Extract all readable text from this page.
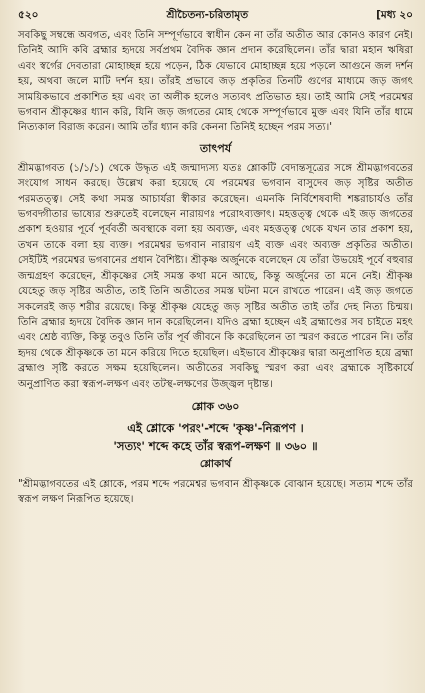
৫২০	শ্রীচৈতন্য-চরিতামৃত	[মধ্য ২০

সবকিছু সম্বন্ধে অবগত, এবং তিনি সম্পূর্ণভাবে স্বাধীন কেন না তাঁর অতীত আর কোনও কারণ নেই। তিনিই আদি কবি ব্রহ্মার হৃদয়ে সর্বপ্রথম বৈদিক জ্ঞান প্রদান করেছিলেন। তাঁর দ্বারা মহান ঋষিরা এবং স্বর্গের দেবতারা মোহাচ্ছন্ন হয়ে পড়েন, ঠিক যেভাবে মোহাচ্ছন্ন হয়ে পড়লে আগুনে জল দর্শন হয়, অথবা জলে মাটি দর্শন হয়। তাঁরই প্রভাবে জড় প্রকৃতির তিনটি গুণের মাধ্যমে জড় জগৎ সাময়িকভাবে প্রকাশিত হয় এবং তা অলীক হলেও সত্যবৎ প্রতিভাত হয়। তাই আমি সেই পরমেশ্বর ভগবান শ্রীকৃষ্ণের ধ্যান করি, যিনি জড় জগতের মোহ থেকে সম্পূর্ণভাবে মুক্ত এবং যিনি তাঁর ধামে নিত্যকাল বিরাজ করেন। আমি তাঁর ধ্যান করি কেননা তিনিই হচ্ছেন পরম সত্য।'

তাৎপর্য

শ্রীমদ্ভাগবত (১/১/১) থেকে উদ্ধৃত এই জন্মাদ্যস্য যতঃ শ্লোকটি বেদান্তসূত্রের সঙ্গে শ্রীমদ্ভাগবতের সংযোগ সাধন করছে। উল্লেখ করা হয়েছে যে পরমেশ্বর ভগবান বাসুদেব জড় সৃষ্টির অতীত পরমতত্ত্ব। সেই কথা সমস্ত আচার্যরা স্বীকার করেছেন। এমনকি নির্বিশেষবাদী শঙ্করাচার্যও তাঁর ভগবদ্গীতার ভাষ্যের শুরুতেই বলেছেন নারায়ণঃ পরোঽব্যক্তাৎ। মহত্তত্ত্ব থেকে এই জড় জগতের প্রকাশ হওয়ার পূর্বে পূর্ববর্তী অবস্থাকে বলা হয় অব্যক্ত, এবং মহত্তত্ত্ব থেকে যখন তার প্রকাশ হয়, তখন তাকে বলা হয় ব্যক্ত। পরমেশ্বর ভগবান নারায়ণ এই ব্যক্ত এবং অব্যক্ত প্রকৃতির অতীত। সেইটিই পরমেশ্বর ভগবানের প্রধান বৈশিষ্ট্য। শ্রীকৃষ্ণ অর্জুনকে বলেছেন যে তাঁরা উভয়েই পূর্বে বহুবার জন্মগ্রহণ করেছেন, শ্রীকৃষ্ণের সেই সমস্ত কথা মনে আছে, কিন্তু অর্জুনের তা মনে নেই। শ্রীকৃষ্ণ যেহেতু জড় সৃষ্টির অতীত, তাই তিনি অতীতের সমস্ত ঘটনা মনে রাখতে পারেন। এই জড় জগতে সকলেরই জড় শরীর রয়েছে। কিন্তু শ্রীকৃষ্ণ যেহেতু জড় সৃষ্টির অতীত তাই তাঁর দেহ নিত্য চিন্ময়। তিনি ব্রহ্মার হৃদয়ে বৈদিক জ্ঞান দান করেছিলেন। যদিও ব্রহ্মা হচ্ছেন এই ব্রহ্মাণ্ডের সব চাইতে মহৎ এবং শ্রেষ্ঠ ব্যক্তি, কিন্তু তবুও তিনি তাঁর পূর্ব জীবনে কি করেছিলেন তা স্মরণ করতে পারেন নি। তাঁর হৃদয় থেকে শ্রীকৃষ্ণকে তা মনে করিয়ে দিতে হয়েছিল। এইভাবে শ্রীকৃষ্ণের দ্বারা অনুপ্রাণিত হয়ে ব্রহ্মা ব্রহ্মাণ্ড সৃষ্টি করতে সক্ষম হয়েছিলেন। অতীতের সবকিছু স্মরণ করা এবং ব্রহ্মাকে সৃষ্টিকার্যে অনুপ্রাণিত করা স্বরূপ-লক্ষণ এবং তটস্থ-লক্ষণের উজ্জ্বল দৃষ্টান্ত।

শ্লোক ৩৬০
এই শ্লোকে 'পরং'-শব্দে 'কৃষ্ণ'-নিরূপণ ।
'সত্যং' শব্দে কহে তাঁর স্বরূপ-লক্ষণ ॥ ৩৬০ ॥
শ্লোকার্থ
"শ্রীমদ্ভাগবতের এই শ্লোকে, পরম শব্দে পরমেশ্বর ভগবান শ্রীকৃষ্ণকে বোঝান হয়েছে। সত্যম শব্দে তাঁর স্বরূপ লক্ষণ নিরূপিত হয়েছে।
